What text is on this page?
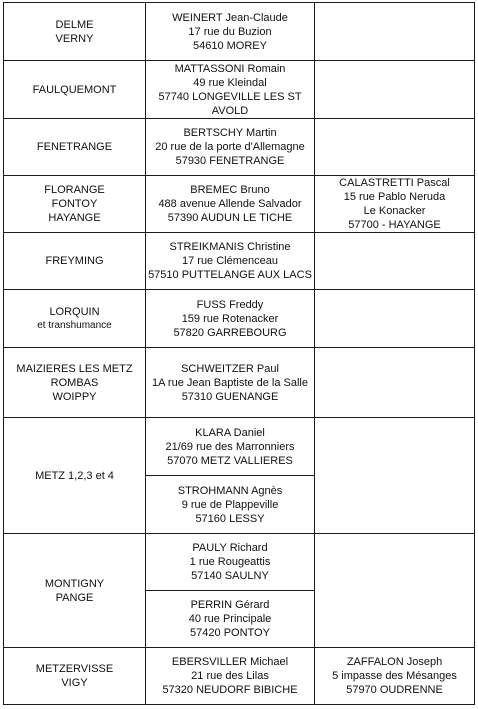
DELME
VERNY	WEINERT Jean-Claude
17 rue du Buzion
54610 MOREY	

FAULQUEMONT	MATTASSONI Romain
49 rue Kleindal
57740 LONGEVILLE LES ST AVOLD	

FENETRANGE	BERTSCHY Martin
20 rue de la porte d'Allemagne
57930 FENETRANGE	

FLORANGE
FONTOY
HAYANGE	BREMEC Bruno
488 avenue Allende Salvador
57390 AUDUN LE TICHE	CALASTRETTI Pascal
15 rue Pablo Neruda
Le Konacker
57700 - HAYANGE

FREYMING	STREIKMANIS Christine
17 rue Clémenceau
57510 PUTTELANGE AUX LACS	

LORQUIN
et transhumance	FUSS Freddy
159 rue Rotenacker
57820 GARREBOURG	

MAIZIERES LES METZ
ROMBAS
WOIPPY	SCHWEITZER Paul
1A rue Jean Baptiste de la Salle
57310 GUENANGE	

METZ 1,2,3 et 4	KLARA Daniel
21/69 rue des Marronniers
57070 METZ VALLIERES	

	STROHMANN Agnès
9 rue de Plappeville
57160 LESSY	

MONTIGNY
PANGE	PAULY Richard
1 rue Rougeattis
57140 SAULNY	

	PERRIN Gérard
40 rue Principale
57420 PONTOY	

METZERVISSE
VIGY	EBERSVILLER Michael
21 rue des Lilas
57320 NEUDORF BIBICHE	ZAFFALON Joseph
5 impasse des Mésanges
57970 OUDRENNE
